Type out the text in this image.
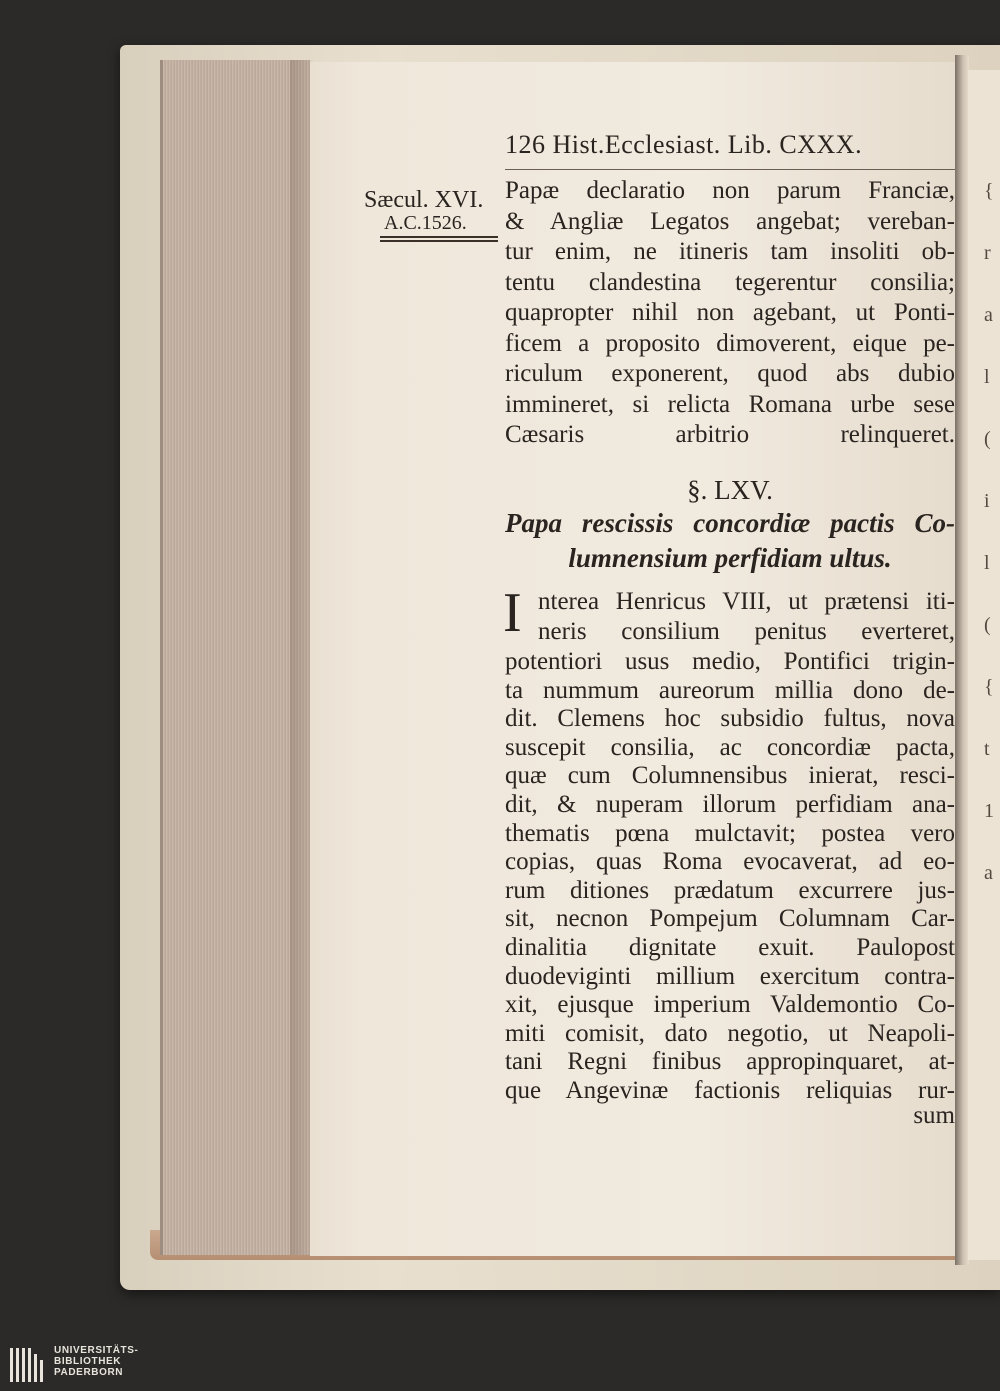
{
r
a
l
(
i
l
(
{
t
1
a
126 Hist.Ecclesiast. Lib. CXXX.
Sæcul. XVI.
A.C.1526.
Papæ declaratio non parum Franciæ,
& Angliæ Legatos angebat; vereban-
tur enim, ne itineris tam insoliti ob-
tentu clandestina tegerentur consilia;
quapropter nihil non agebant, ut Ponti-
ficem a proposito dimoverent, eique pe-
riculum exponerent, quod abs dubio
immineret, si relicta Romana urbe sese
Cæsaris arbitrio relinqueret.
§. LXV.
Papa rescissis concordiæ pactis Co-
lumnensium perfidiam ultus.
I nterea Henricus VIII, ut prætensi iti-
neris consilium penitus everteret,
potentiori usus medio, Pontifici trigin-
ta nummum aureorum millia dono de-
dit. Clemens hoc subsidio fultus, nova
suscepit consilia, ac concordiæ pacta,
quæ cum Columnensibus inierat, resci-
dit, & nuperam illorum perfidiam ana-
thematis pœna mulctavit; postea vero
copias, quas Roma evocaverat, ad eo-
rum ditiones prædatum excurrere jus-
sit, necnon Pompejum Columnam Car-
dinalitia dignitate exuit. Paulopost
duodeviginti millium exercitum contra-
xit, ejusque imperium Valdemontio Co-
miti comisit, dato negotio, ut Neapoli-
tani Regni finibus appropinquaret, at-
que Angevinæ factionis reliquias rur-
sum
UNIVERSITÄTS-
BIBLIOTHEK
PADERBORN
